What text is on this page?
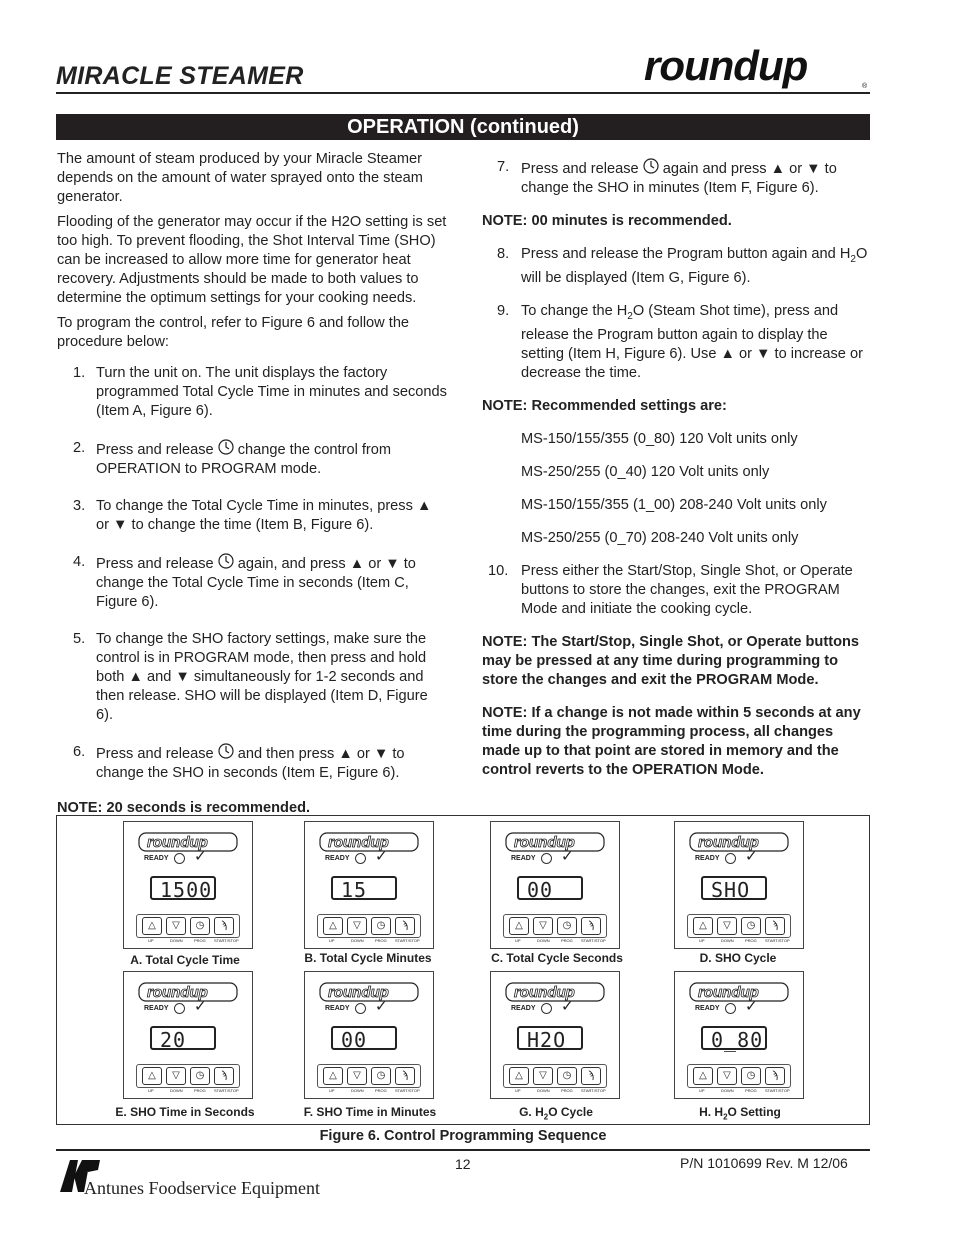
MIRACLE STEAMER	roundup	®
OPERATION (continued)

The amount of steam produced by your Miracle Steamer depends on the amount of water sprayed onto the steam generator.

Flooding of the generator may occur if the H2O setting is set too high. To prevent flooding, the Shot Interval Time (SHO) can be increased to allow more time for generator heat recovery. Adjustments should be made to both values to determine the optimum settings for your cooking needs.

To program the control, refer to Figure 6 and follow the procedure below:

1. Turn the unit on. The unit displays the factory programmed Total Cycle Time in minutes and seconds (Item A, Figure 6).
2. Press and release  change the control from OPERATION to PROGRAM mode.
3. To change the Total Cycle Time in minutes, press ▲ or ▼ to change the time (Item B, Figure 6).
4. Press and release  again, and press ▲ or ▼ to change the Total Cycle Time in seconds (Item C, Figure 6).
5. To change the SHO factory settings, make sure the control is in PROGRAM mode, then press and hold both ▲ and ▼ simultaneously for 1-2 seconds and then release. SHO will be displayed (Item D, Figure 6).
6. Press and release  and then press ▲ or ▼ to change the SHO in seconds (Item E, Figure 6).
NOTE: 20 seconds is recommended.
7. Press and release  again and press ▲ or ▼ to change the SHO in minutes (Item F, Figure 6).
NOTE: 00 minutes is recommended.
8. Press and release the Program button again and $H_2O$ will be displayed (Item G, Figure 6).
9. To change the $H_2O$ (Steam Shot time), press and release the Program button again to display the setting (Item H, Figure 6). Use ▲ or ▼ to increase or decrease the time.
NOTE: Recommended settings are:
MS-150/155/355 (0_80) 120 Volt units only
MS-250/255 (0_40) 120 Volt units only
MS-150/155/355 (1_00) 208-240 Volt units only
MS-250/255 (0_70) 208-240 Volt units only
10. Press either the Start/Stop, Single Shot, or Operate buttons to store the changes, exit the PROGRAM Mode and initiate the cooking cycle.
NOTE: The Start/Stop, Single Shot, or Operate buttons may be pressed at any time during programming to store the changes and exit the PROGRAM Mode.
NOTE: If a change is not made within 5 seconds at any time during the programming process, all changes made up to that point are stored in memory and the control reverts to the OPERATION Mode.
roundup
READY ✓
1500
△	▽	◷	ϡ
UP	DOWN	PROG START/STOP
A. Total Cycle Time
roundup
READY ✓
15
△	▽	◷	ϡ
UP	DOWN	PROG START/STOP
B. Total Cycle Minutes
roundup
READY ✓
00
△	▽	◷	ϡ
UP	DOWN	PROG START/STOP
C. Total Cycle Seconds
roundup
READY ✓
SHO
△	▽	◷	ϡ
UP	DOWN	PROG START/STOP
D. SHO Cycle
roundup
READY ✓
20
△	▽	◷	ϡ
UP	DOWN	PROG START/STOP
E. SHO Time in Seconds
roundup
READY ✓
00
△	▽	◷	ϡ
UP	DOWN	PROG START/STOP
F. SHO Time in Minutes
roundup
READY ✓
H2O
△	▽	◷	ϡ
UP	DOWN	PROG START/STOP
G. $H_2O$ Cycle
roundup
READY ✓
0_80
△	▽	◷	ϡ
UP	DOWN	PROG START/STOP
H. $H_2O$ Setting
Figure 6. Control Programming Sequence
Antunes Foodservice Equipment
12	P/N 1010699 Rev. M 12/06
